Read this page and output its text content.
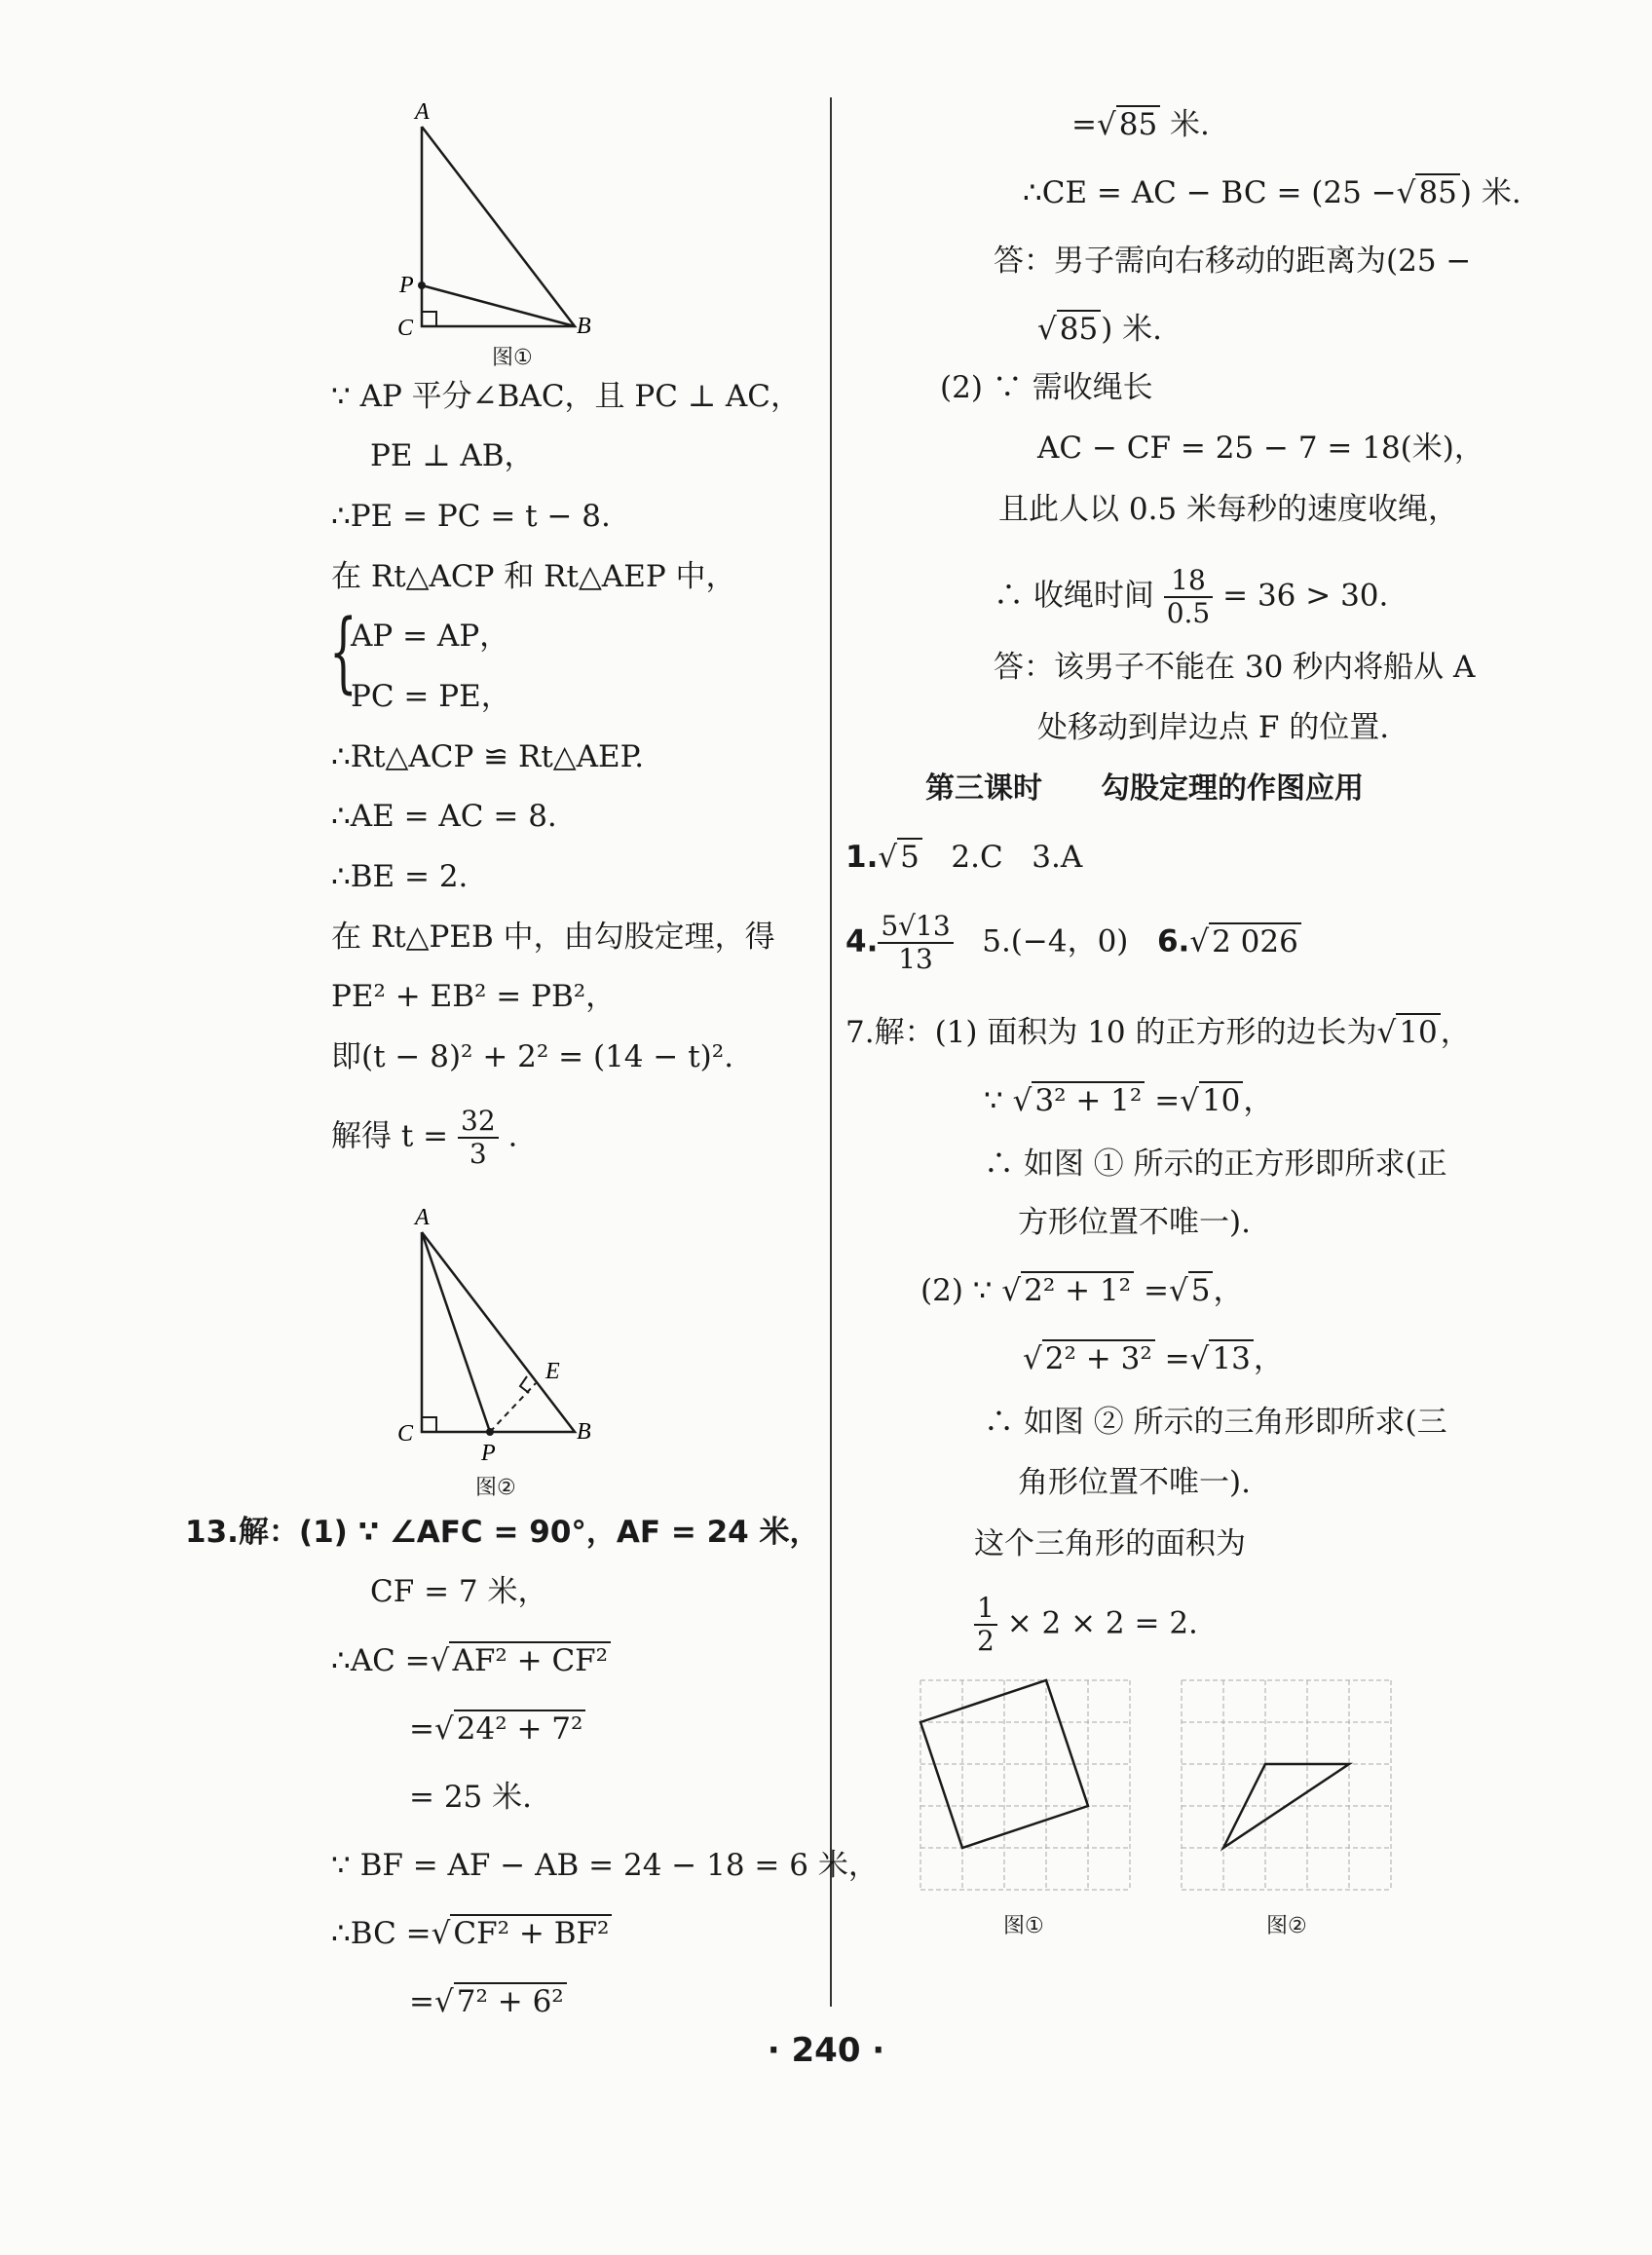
A
P
C	B
图①
∵ AP 平分∠BAC，且 PC ⊥ AC，
PE ⊥ AB，
∴PE = PC = t − 8.
在 Rt△ACP 和 Rt△AEP 中，
{
AP = AP，
PC = PE，
∴Rt△ACP ≌ Rt△AEP.
∴AE = AC = 8.
∴BE = 2.
在 Rt△PEB 中，由勾股定理，得
PE² + EB² = PB²，
即(t − 8)² + 2² = (14 − t)².
解得 $t = \frac{32}{3}$ .
A
E
C
P
B
图②
13.解：(1) ∵ ∠AFC = 90°，AF = 24 米，
CF = 7 米，
∴AC =√AF² + CF²
=√24² + 7²
= 25 米.
∵ BF = AF − AB = 24 − 18 = 6 米，
∴BC =√CF² + BF²
=√7² + 6²
=√85 米.
∴CE = AC − BC = (25 −√85) 米.
答：男子需向右移动的距离为(25 −
√85) 米.
(2) ∵ 需收绳长
AC − CF = 25 − 7 = 18(米)，
且此人以 0.5 米每秒的速度收绳，
∴ 收绳时间 $\frac{18}{0.5} = 36 > 30$.
答：该男子不能在 30 秒内将船从 A
处移动到岸边点 F 的位置.
第三课时　　勾股定理的作图应用
1.√5 2.C 3.A
4. $\frac{5√13}{13} 5.(-4$，0) 6.√2 026
7.解：(1) 面积为 10 的正方形的边长为√10，
∵ √3² + 1² =√10，
∴ 如图 ① 所示的正方形即所求(正
方形位置不唯一).
(2) ∵ √2² + 1² =√5，
√2² + 3² =√13，
∴ 如图 ② 所示的三角形即所求(三
角形位置不唯一).
这个三角形的面积为
$\frac{1}{2} \times 2 \times 2 = 2$.
图①	图②
· 240 ·
